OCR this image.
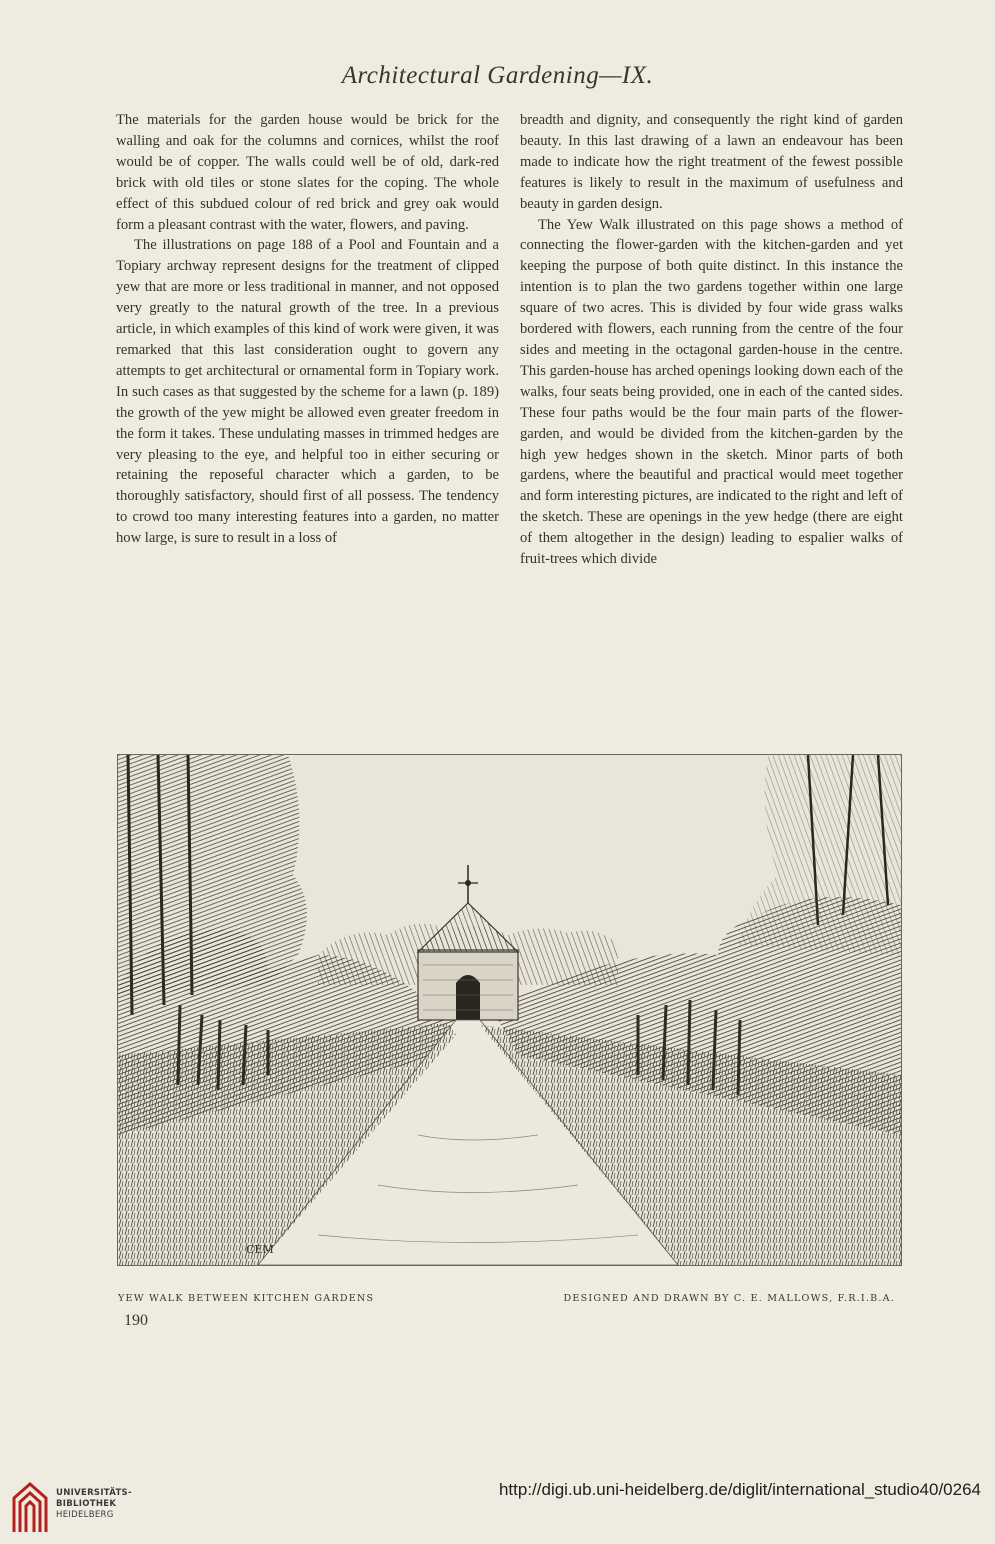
Architectural Gardening—IX.

The materials for the garden house would be brick for the walling and oak for the columns and cornices, whilst the roof would be of copper. The walls could well be of old, dark-red brick with old tiles or stone slates for the coping. The whole effect of this subdued colour of red brick and grey oak would form a pleasant contrast with the water, flowers, and paving.

The illustrations on page 188 of a Pool and Fountain and a Topiary archway represent designs for the treatment of clipped yew that are more or less traditional in manner, and not opposed very greatly to the natural growth of the tree. In a previous article, in which examples of this kind of work were given, it was remarked that this last consideration ought to govern any attempts to get architectural or ornamental form in Topiary work. In such cases as that suggested by the scheme for a lawn (p. 189) the growth of the yew might be allowed even greater freedom in the form it takes. These undulating masses in trimmed hedges are very pleasing to the eye, and helpful too in either securing or retaining the reposeful character which a garden, to be thoroughly satisfactory, should first of all possess. The tendency to crowd too many interesting features into a garden, no matter how large, is sure to result in a loss of

breadth and dignity, and consequently the right kind of garden beauty. In this last drawing of a lawn an endeavour has been made to indicate how the right treatment of the fewest possible features is likely to result in the maximum of usefulness and beauty in garden design.

The Yew Walk illustrated on this page shows a method of connecting the flower-garden with the kitchen-garden and yet keeping the purpose of both quite distinct. In this instance the intention is to plan the two gardens together within one large square of two acres. This is divided by four wide grass walks bordered with flowers, each running from the centre of the four sides and meeting in the octagonal garden-house in the centre. This garden-house has arched openings looking down each of the walks, four seats being provided, one in each of the canted sides. These four paths would be the four main parts of the flower-garden, and would be divided from the kitchen-garden by the high yew hedges shown in the sketch. Minor parts of both gardens, where the beautiful and practical would meet together and form interesting pictures, are indicated to the right and left of the sketch. These are openings in the yew hedge (there are eight of them altogether in the design) leading to espalier walks of fruit-trees which divide

CEM
YEW WALK BETWEEN KITCHEN GARDENS	DESIGNED AND DRAWN BY C. E. MALLOWS, F.R.I.B.A.
190
UNIVERSITÄTS-
BIBLIOTHEK
HEIDELBERG
http://digi.ub.uni-heidelberg.de/diglit/international_studio40/0264
